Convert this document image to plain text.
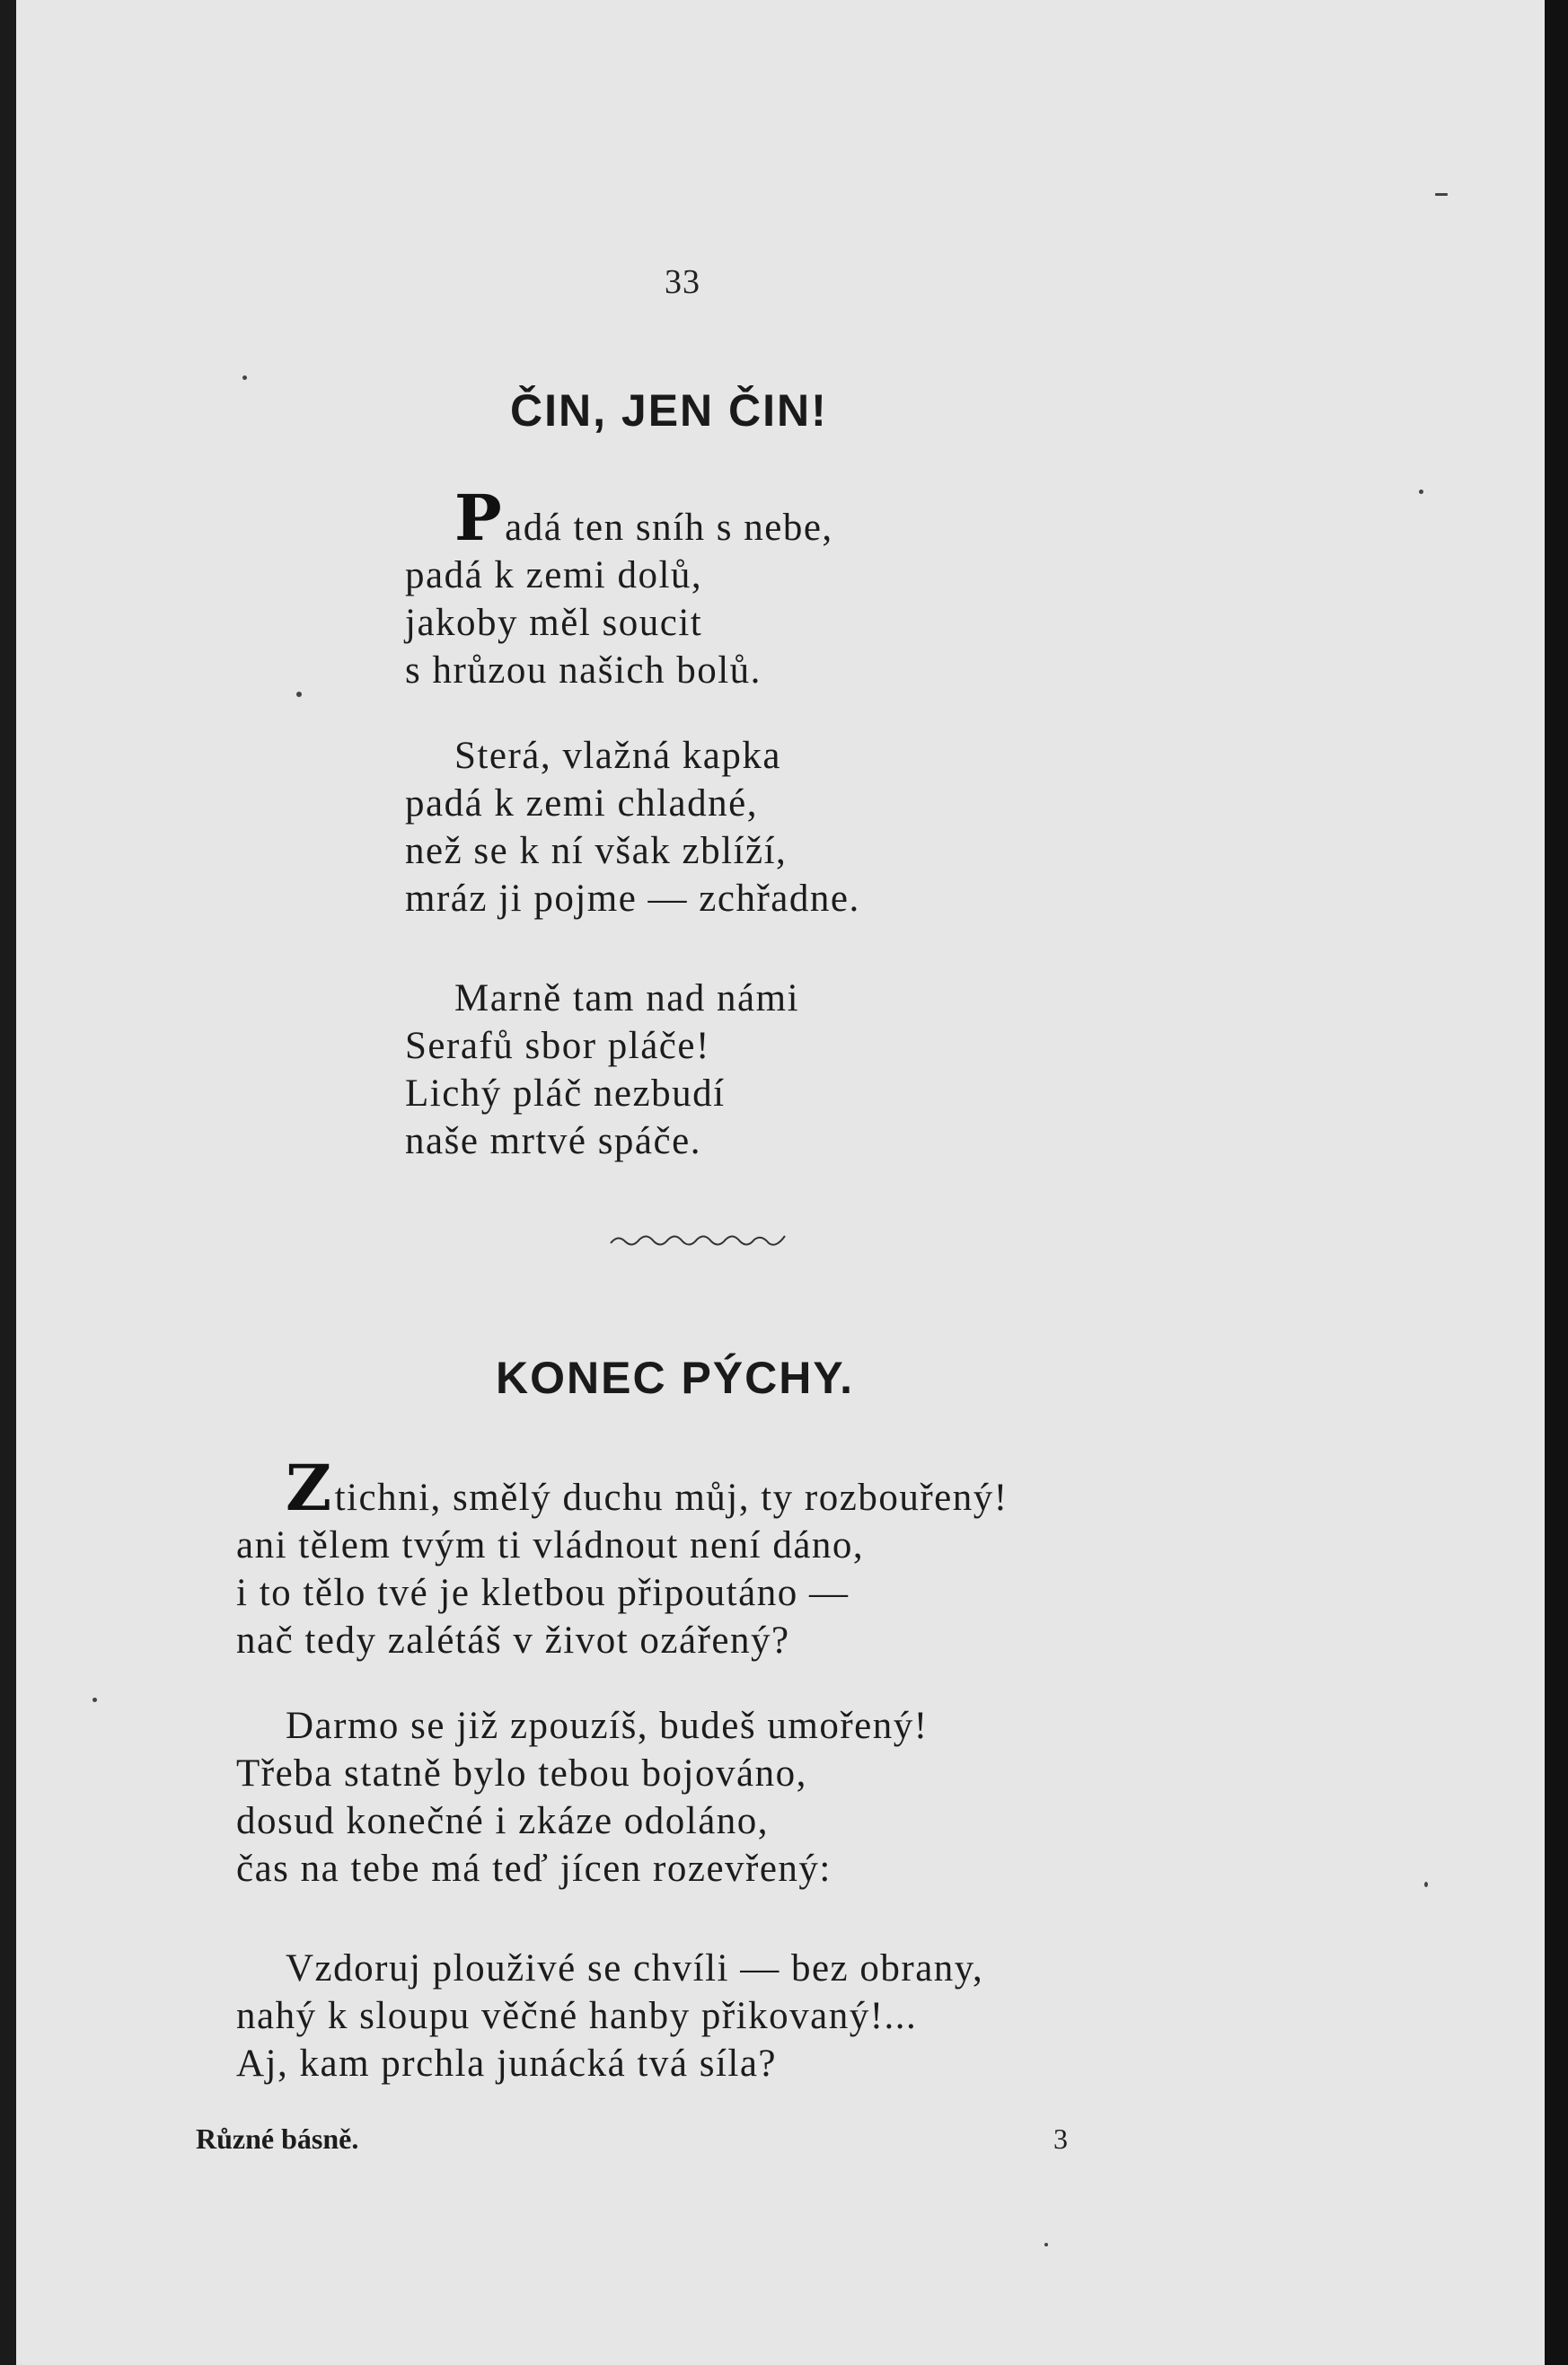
33
ČIN, JEN ČIN!
Padá ten sníh s nebe,
padá k zemi dolů,
jakoby měl soucit
s hrůzou našich bolů.
Sterá, vlažná kapka
padá k zemi chladné,
než se k ní však zblíží,
mráz ji pojme — zchřadne.
Marně tam nad námi
Serafů sbor pláče!
Lichý pláč nezbudí
naše mrtvé spáče.
KONEC PÝCHY.
Ztichni, smělý duchu můj, ty rozbouřený!
ani tělem tvým ti vládnout není dáno,
i to tělo tvé je kletbou připoutáno —
nač tedy zalétáš v život ozářený?
Darmo se již zpouzíš, budeš umořený!
Třeba statně bylo tebou bojováno,
dosud konečné i zkáze odoláno,
čas na tebe má teď jícen rozevřený:
Vzdoruj plouživé se chvíli — bez obrany,
nahý k sloupu věčné hanby přikovaný!...
Aj, kam prchla junácká tvá síla?
Různé básně.	3
